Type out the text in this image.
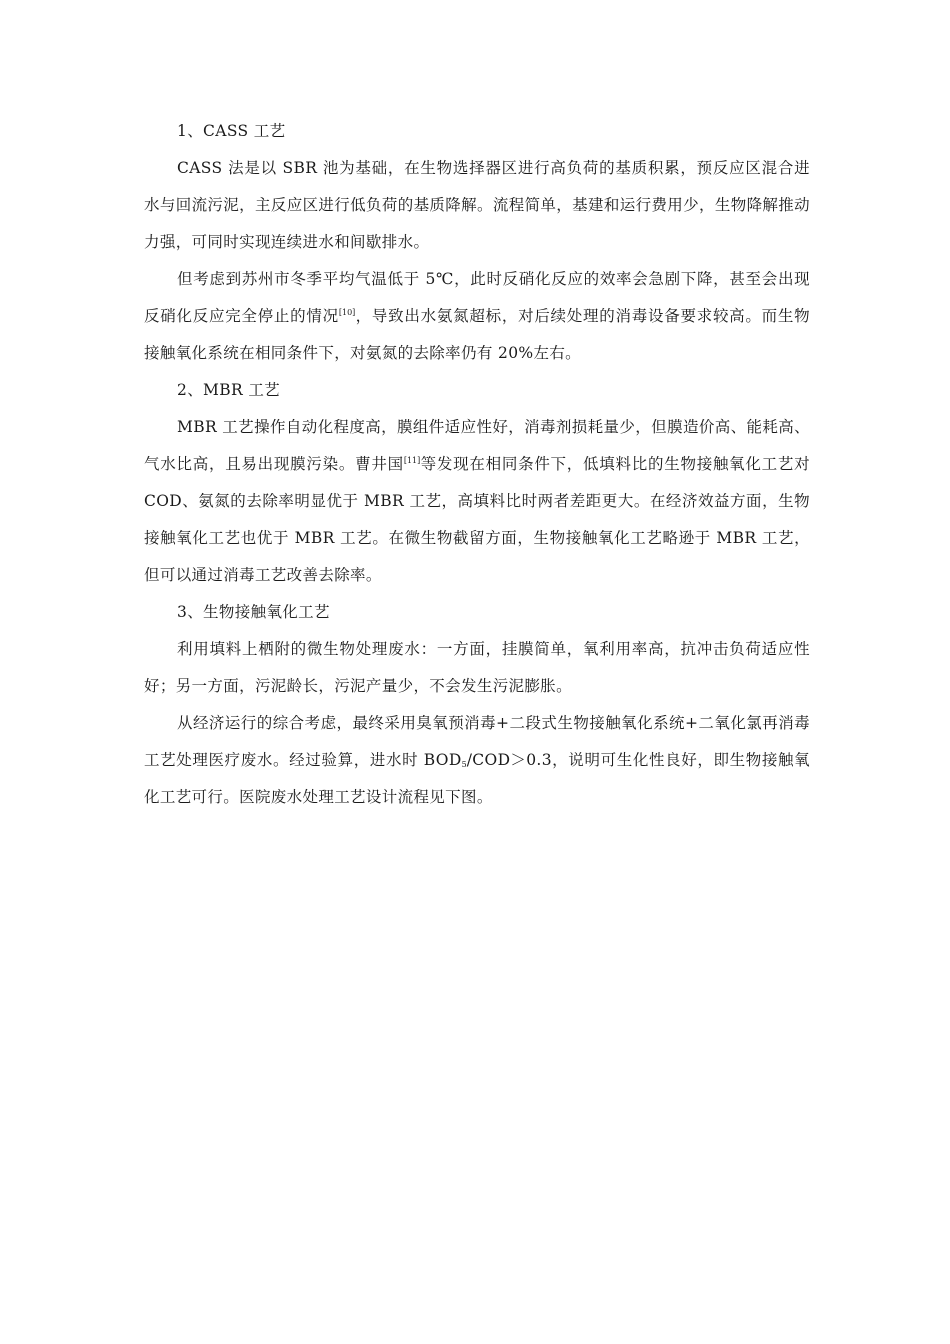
1、CASS 工艺

CASS 法是以 SBR 池为基础，在生物选择器区进行高负荷的基质积累，预反应区混合进水与回流污泥，主反应区进行低负荷的基质降解。流程简单，基建和运行费用少，生物降解推动力强，可同时实现连续进水和间歇排水。

但考虑到苏州市冬季平均气温低于 5℃，此时反硝化反应的效率会急剧下降，甚至会出现反硝化反应完全停止的情况[10]，导致出水氨氮超标，对后续处理的消毒设备要求较高。而生物接触氧化系统在相同条件下，对氨氮的去除率仍有 20%左右。

2、MBR 工艺

MBR 工艺操作自动化程度高，膜组件适应性好，消毒剂损耗量少，但膜造价高、能耗高、气水比高，且易出现膜污染。曹井国[11]等发现在相同条件下，低填料比的生物接触氧化工艺对 COD、氨氮的去除率明显优于 MBR 工艺，高填料比时两者差距更大。在经济效益方面，生物接触氧化工艺也优于 MBR 工艺。在微生物截留方面，生物接触氧化工艺略逊于 MBR 工艺，但可以通过消毒工艺改善去除率。

3、生物接触氧化工艺

利用填料上栖附的微生物处理废水：一方面，挂膜简单，氧利用率高，抗冲击负荷适应性好；另一方面，污泥龄长，污泥产量少，不会发生污泥膨胀。

从经济运行的综合考虑，最终采用臭氧预消毒+二段式生物接触氧化系统+二氧化氯再消毒工艺处理医疗废水。经过验算，进水时 $BOD_5/COD>0.3$，说明可生化性良好，即生物接触氧化工艺可行。医院废水处理工艺设计流程见下图。
